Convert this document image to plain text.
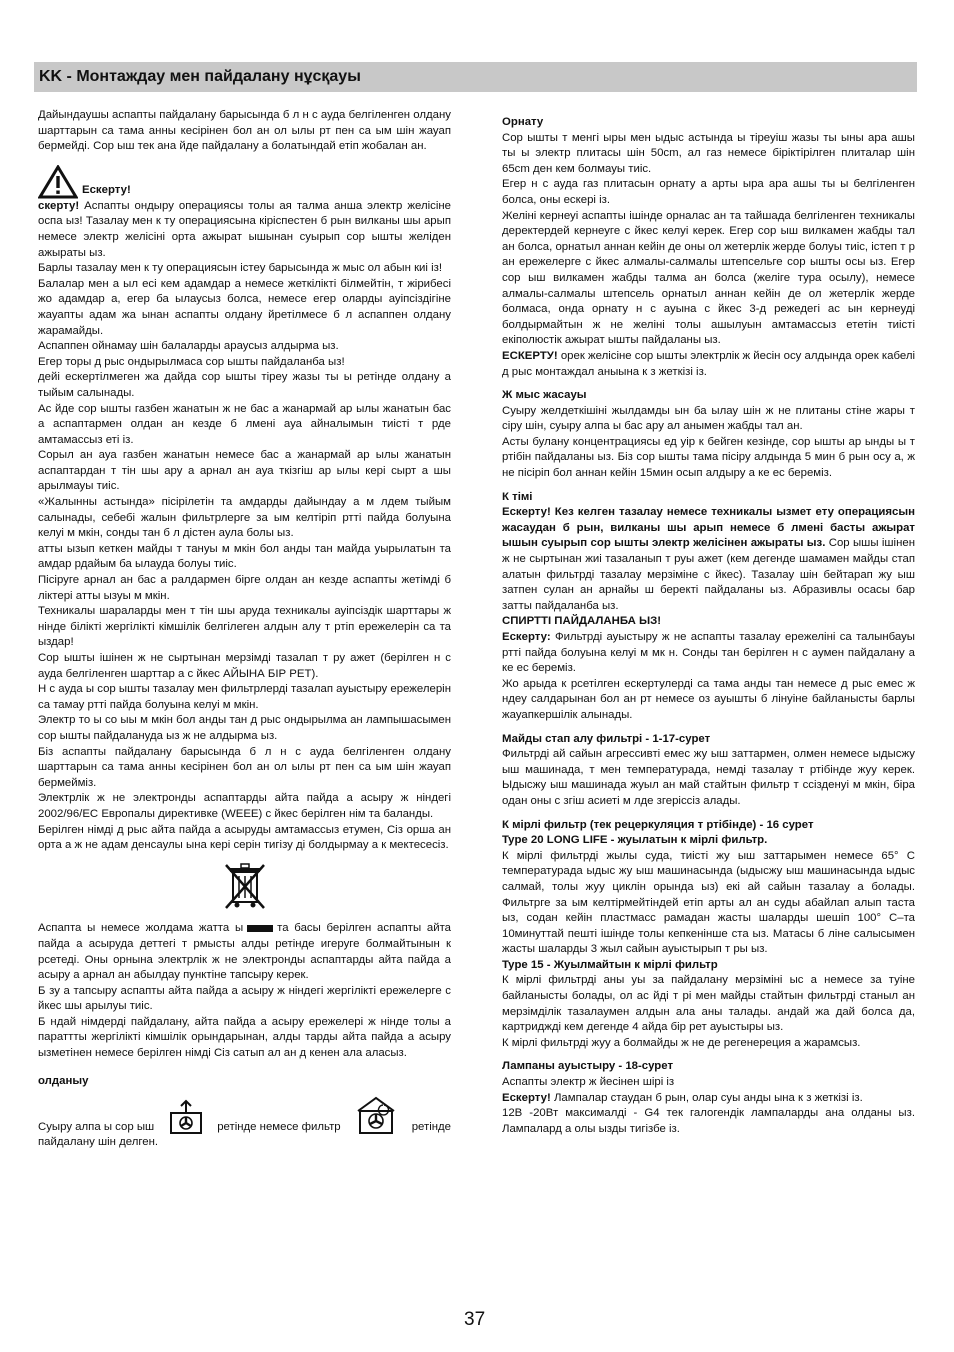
KK - Монтаждау мен пайдалану нұсқауы

Дайындаушы аспапты пайдалану барысында б л н с ауда белгіленген олдану шарттарын са тама анны кесірінен бол ан ол ылы рт пен са ым шін жауап бермейді. Сор ыш тек ана йде пайдалану а болатындай етіп жобалан ан.

Ескерту!

скерту! Аспапты ондыру операциясы толы ая талма анша электр желісіне оспа ыз! Тазалау мен к ту операциясына кіріспестен б рын вилканы шы арып немесе электр желісіні орта ажырат ышынан суырып сор ышты желіден ажыраты ыз.

Барлы тазалау мен к ту операциясын істеу барысында ж мыс ол абын киі із!

Балалар мен а ыл есі кем адамдар а немесе жеткілікті білмейтін, т жірибесі жо адамдар а, егер ба ылаусыз болса, немесе егер оларды ауіпсіздігіне жауапты адам жа ынан аспапты олдану йретілмесе б л аспаппен олдану жарамайды.

Аспаппен ойнамау шін балаларды араусыз алдырма ыз.

Егер торы д рыс ондырылмаса сор ышты пайдаланба ыз!

дейі ескертілмеген жа дайда сор ышты тіреу жазы ты ы ретінде олдану а тыйым салынады.

Ас йде сор ышты газбен жанатын ж не бас а жанармай ар ылы жанатын бас а аспаптармен олдан ан кезде б лмені ауа айналымын тиісті т рде амтамассыз еті із.

Сорыл ан ауа газбен жанатын немесе бас а жанармай ар ылы жанатын аспаптардан т тін шы ару а арнал ан ауа ткізгіш ар ылы кері сырт а шы арылмауы тиіс.

«Жалынны астында» пісірілетін та амдарды дайындау а м лдем тыйым салынады, себебі жалын фильтрлерге за ым келтіріп ртті пайда болуына келуі м мкін, сонды тан б л дістен аула болы ыз.

атты ызып кеткен майды т тануы м мкін бол анды тан майда уырылатын та амдар рдайым ба ылауда болуы тиіс.

Пісіруге арнал ан бас а ралдармен бірге олдан ан кезде аспапты жетімді б ліктері атты ызуы м мкін.

Техникалы шараларды мен т тін шы аруда техникалы ауіпсіздік шарттары ж нінде білікті жергілікті кімшілік белгілеген алдын алу т ртіп ережелерін са та ыздар!

Сор ышты ішінен ж не сыртынан мерзімді тазалап т ру ажет (берілген н с ауда белгіленген шарттар а с йкес АЙЫНА БІР РЕТ).

Н с ауда ы сор ышты тазалау мен фильтрлерді тазалап ауыстыру ережелерін са тамау ртті пайда болуына келуі м мкін.

Электр то ы со ыы м мкін бол анды тан д рыс ондырылма ан лампышасымен сор ышты пайдалануда ыз ж не алдырма ыз.

Біз аспапты пайдалану барысында б л н с ауда белгіленген олдану шарттарын са тама анны кесірінен бол ан ол ылы рт пен са ым шін жауап бермейміз.

Электрлік ж не электронды аспаптарды айта пайда а асыру ж ніндегі 2002/96/ЕС Европалы директивке (WEEE) с йкес берілген нім та баланды.

Берілген німді д рыс айта пайда а асыруды амтамассыз етумен, Сіз орша ан орта а ж не адам денсаулы ына кері серін тигізу ді болдырмау а к мектесесіз.

Аспапта ы немесе жолдама жатта ы	та басы берілген аспапты айта пайда а асыруда деттегі т рмысты алды ретінде игеруге болмайтынын к рсетеді. Оны орнына электрлік ж не электронды аспаптарды айта пайда а асыру а арнал ан абылдау пунктіне тапсыру керек.

Б зу а тапсыру аспапты айта пайда а асыру ж ніндегі жергілікті ережелерге с йкес шы арылуы тиіс.

Б ндай німдерді пайдалану, айта пайда а асыру ережелері ж нінде толы а параттты жергілікті кімшілік орындарынан, алды тарды айта пайда а асыру ызметінен немесе берілген німді Сіз сатып ал ан д кенен ала аласыз.

олданыу

Суыру алпа ы сор ыш	ретінде немесе фильтр	ретінде

пайдалану шін делген.

Орнату

Сор ышты т менгі ыры мен ыдыс астында ы тіреуіш жазы ты ыны ара ашы ты ы электр плитасы шін 50cm, ал газ немесе біріктірілген плиталар шін 65cm ден кем болмауы тиіс.

Егер н с ауда газ плитасын орнату а арты ыра ара ашы ты ы белгіленген болса, оны ескері із.

Желіні кернеуі аспапты ішінде орналас ан та тайшада белгіленген техникалы деректердей кернеуге с йкес келуі керек. Егер сор ыш вилкамен жабды тал ан болса, орнатыл аннан кейін де оны ол жетерлік жерде болуы тиіс, істеп т р ан ережелерге с йкес алмалы-салмалы штепсельге сор ышты осы ыз. Егер сор ыш вилкамен жабды талма ан болса (желіге тура осылу), немесе алмалы-салмалы штепсель орнатыл аннан кейін де ол жетерлік жерде болмаса, онда орнату н с ауына с йкес 3-д режедегі ас ын кернеуді болдырмайтын ж не желіні толы ашылуын амтамассыз ететін тиісті екіполюстік ажырат ышты пайдаланы ыз.

ЕСКЕРТУ! орек желісіне сор ышты электрлік ж йесін осу алдында орек кабелі д рыс монтаждал аныына к з жеткізі із.

Ж мыс жасауы

Суыру желдеткішіні жылдамды ын ба ылау шін ж не плитаны стіне жары т сіру шін, суыру алпа ы бас ару ал анымен жабды тал ан.

Асты булану концентрациясы ед уір к бейген кезінде, сор ышты ар ынды ы т ртібін пайдаланы ыз. Біз сор ышты тама пісіру алдында 5 мин б рын осу а, ж не пісіріп бол аннан кейін 15мин осып алдыру а ке ес береміз.

К тімі

Ескерту! Кез келген тазалау немесе техникалы ызмет ету операциясын жасаудан б рын, вилканы шы арып немесе б лмені басты ажырат ышын суырып сор ышты электр желісінен ажыраты ыз. Сор ышы ішінен ж не сыртынан жиі тазаланып т руы ажет (кем дегенде шамамен майды стап алатын фильтрді тазалау мерзіміне с йкес). Тазалау шін бейтарап жу ыш затпен сулан ан арнайы ш беректі пайдаланы ыз. Абразивлы осасы бар затты пайдаланба ыз.

СПИРТТІ ПАЙДАЛАНБА ЫЗ!

Ескерту: Фильтрді ауыстыру ж не аспапты тазалау ережеліні са талынбауы ртті пайда болуына келуі м мк н. Сонды тан берілген н с аумен пайдалану а ке ес береміз.

Жо арыда к рсетілген ескертулерді са тама анды тан немесе д рыс емес ж ндеу салдарынан бол ан рт немесе оз ауышты б лінуіне байланысты барлы жауапкершілік алынады.

Майды стап алу фильтрі - 1-17-сурет

Фильтрді ай сайын агрессивті емес жу ыш заттармен, олмен немесе ыдысжу ыш машинада, т мен температурада, немді тазалау т ртібінде жуу керек. Ыдысжу ыш машинада жуыл ан май стайтын фильтр т ссізденуі м мкін, біра одан оны с згіш асиеті м лде згеріссіз алады.

К мірлі фильтр (тек рецеркуляция т ртібінде) - 16 сурет

Type 20 LONG LIFE - жуылатын к мірлі фильтр.

К мірлі фильтрді жылы суда, тиісті жу ыш заттарымен немесе 65° С температурада ыдыс жу ыш машинасында (ыдысжу ыш машинасында ыдыс салмай, толы жуу циклін орында ыз) екі ай сайын тазалау а болады. Фильтрге за ым келтірмейтіндей етіп арты ал ан суды абайлап алып таста ыз, содан кейін пластмасс рамадан жасты шаларды шешіп 100° С–та 10минуттай пешті ішінде толы кепкенінше ста ыз. Матасы б ліне салысымен жасты шаларды 3 жыл сайын ауыстырып т ры ыз.

Type 15 - Жуылмайтын к мірлі фильтр

К мірлі фильтрді аны уы за пайдалану мерзіміні ыс а немесе за туіне байланысты болады, ол ас йді т рі мен майды стайтын фильтрді станыл ан мерзімділік тазалаумен алдын ала аны талады. андай жа дай болса да, картриджді кем дегенде 4 айда бір рет ауыстыры ыз.

К мірлі фильтрді жуу а болмайды ж не де регенереция а жарамсыз.

Лампаны ауыстыру - 18-сурет

Аспапты электр ж йесінен шірі із

Ескерту! Лампалар стаудан б рын, олар суы анды ына к з жеткізі із.

12В -20Вт максималді - G4 тек галогендік лампаларды ана олданы ыз. Лампалард а олы ызды тигізбе із.

37
